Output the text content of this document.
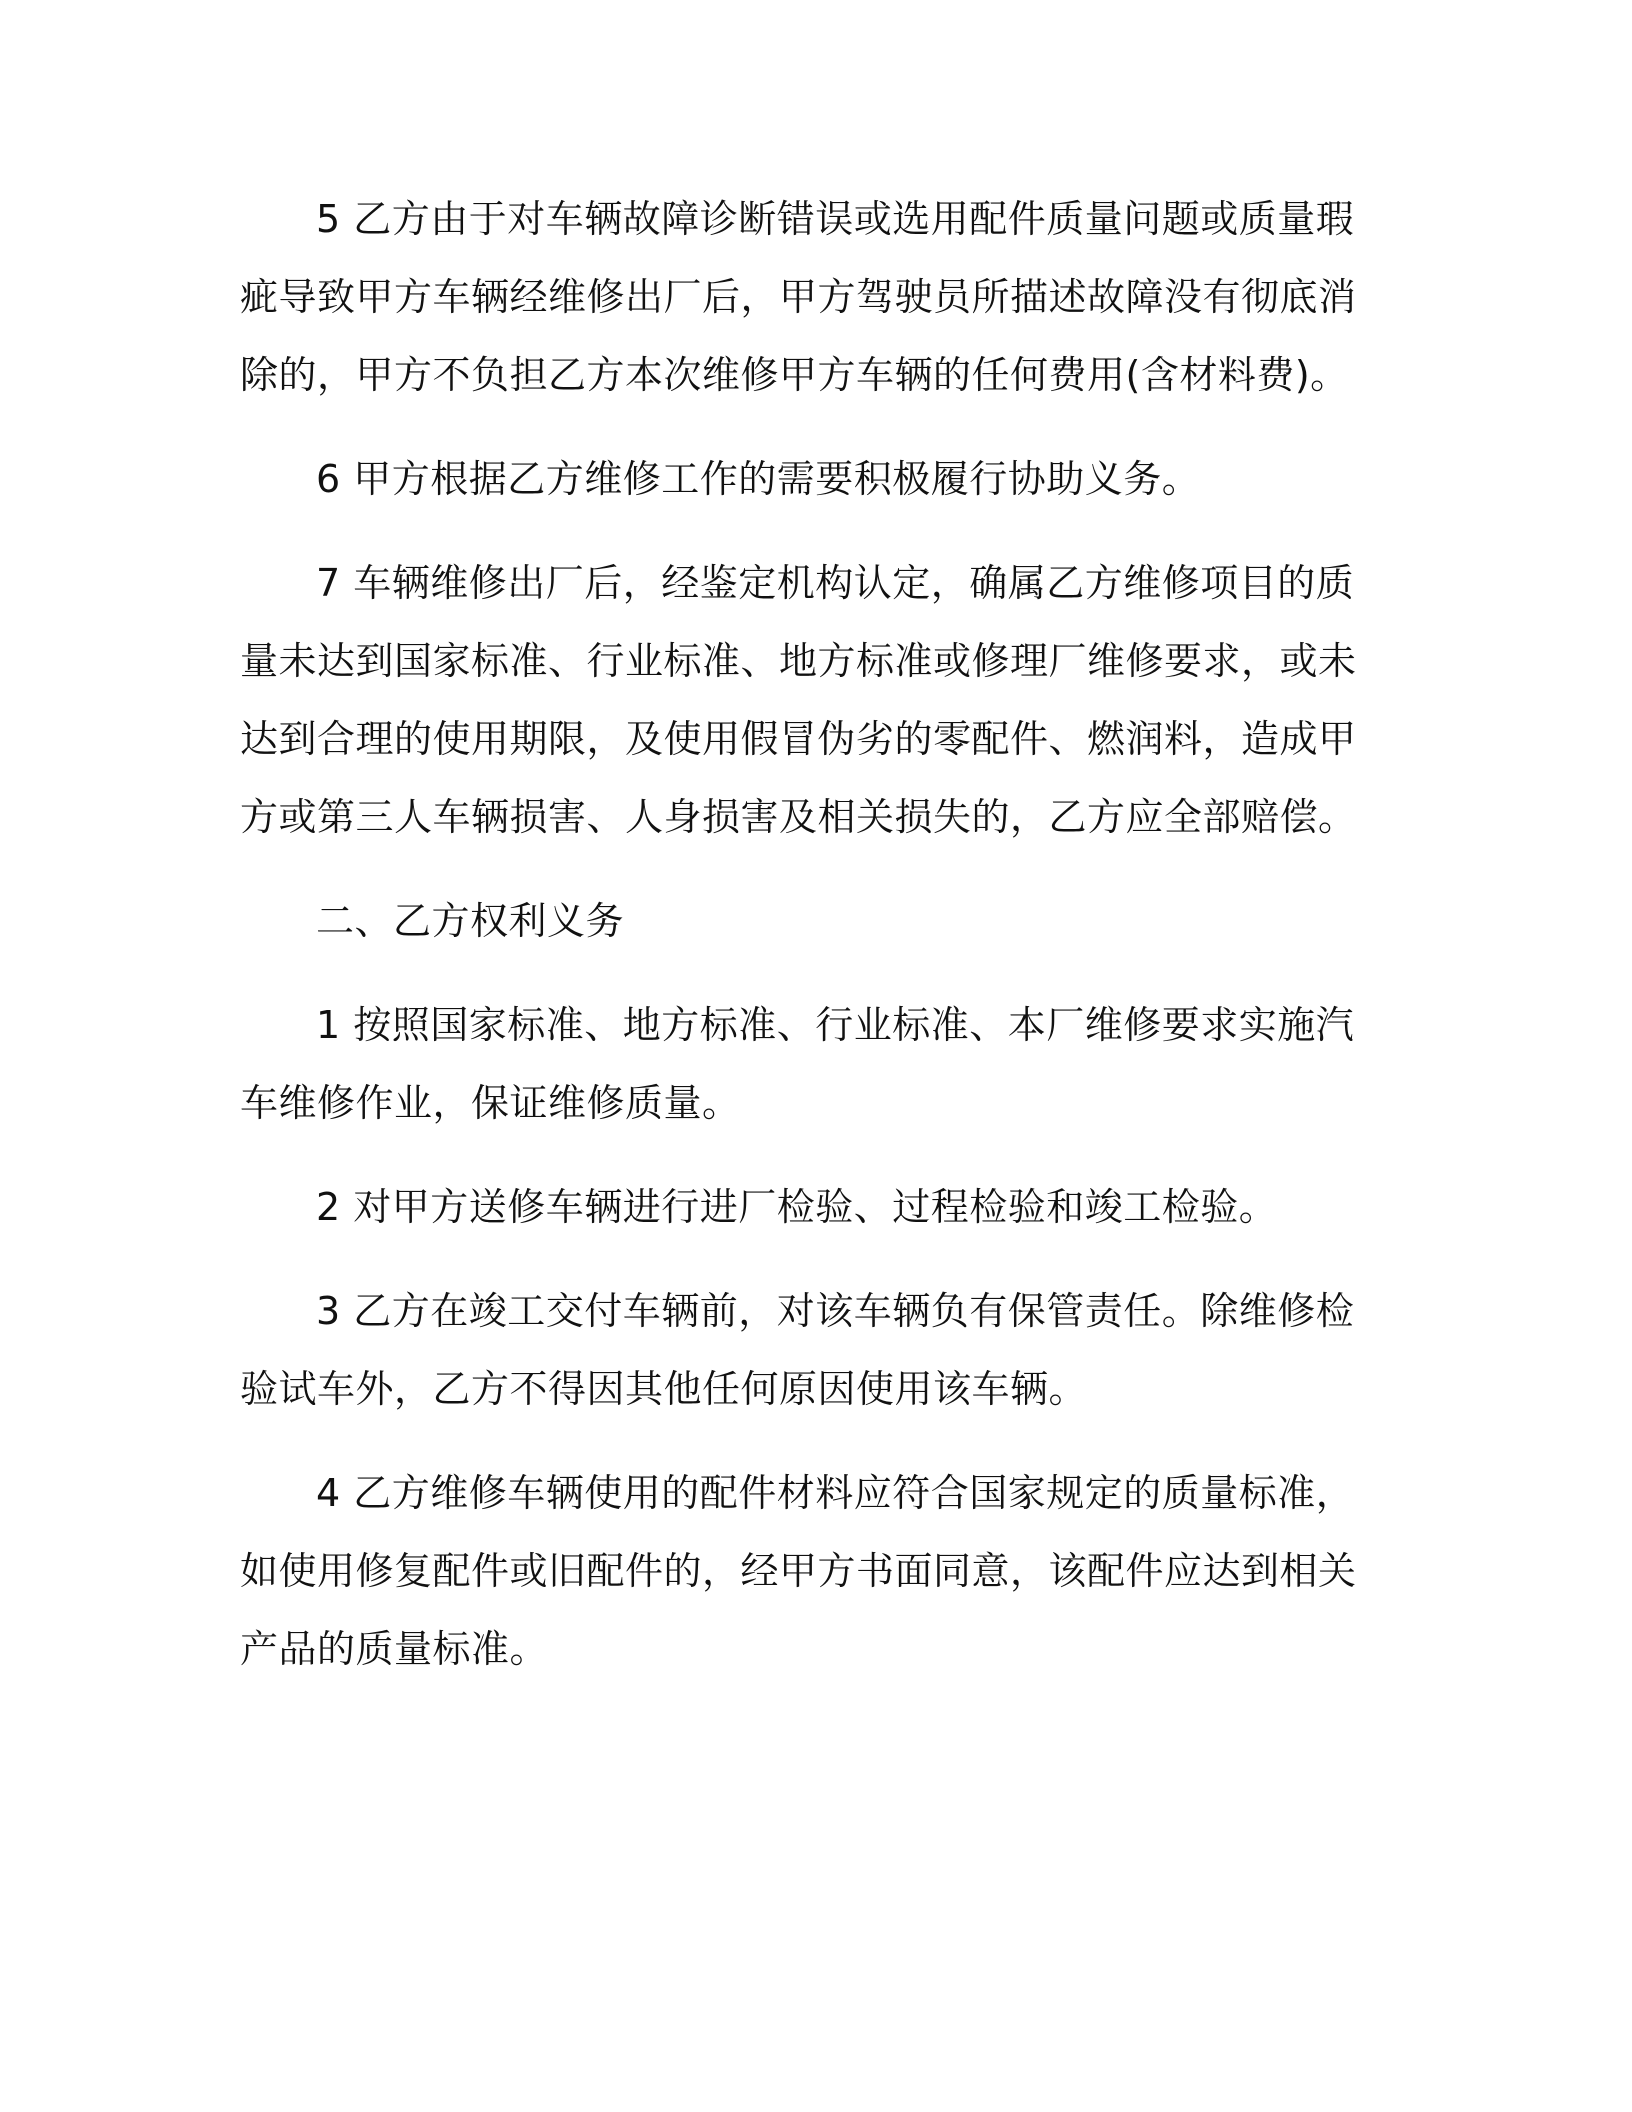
5 乙方由于对车辆故障诊断错误或选用配件质量问题或质量瑕疵导致甲方车辆经维修出厂后，甲方驾驶员所描述故障没有彻底消除的，甲方不负担乙方本次维修甲方车辆的任何费用(含材料费)。

6 甲方根据乙方维修工作的需要积极履行协助义务。

7 车辆维修出厂后，经鉴定机构认定，确属乙方维修项目的质量未达到国家标准、行业标准、地方标准或修理厂维修要求，或未达到合理的使用期限，及使用假冒伪劣的零配件、燃润料，造成甲方或第三人车辆损害、人身损害及相关损失的，乙方应全部赔偿。

二、乙方权利义务

1 按照国家标准、地方标准、行业标准、本厂维修要求实施汽车维修作业，保证维修质量。

2 对甲方送修车辆进行进厂检验、过程检验和竣工检验。

3 乙方在竣工交付车辆前，对该车辆负有保管责任。除维修检验试车外，乙方不得因其他任何原因使用该车辆。

4 乙方维修车辆使用的配件材料应符合国家规定的质量标准，如使用修复配件或旧配件的，经甲方书面同意，该配件应达到相关产品的质量标准。
